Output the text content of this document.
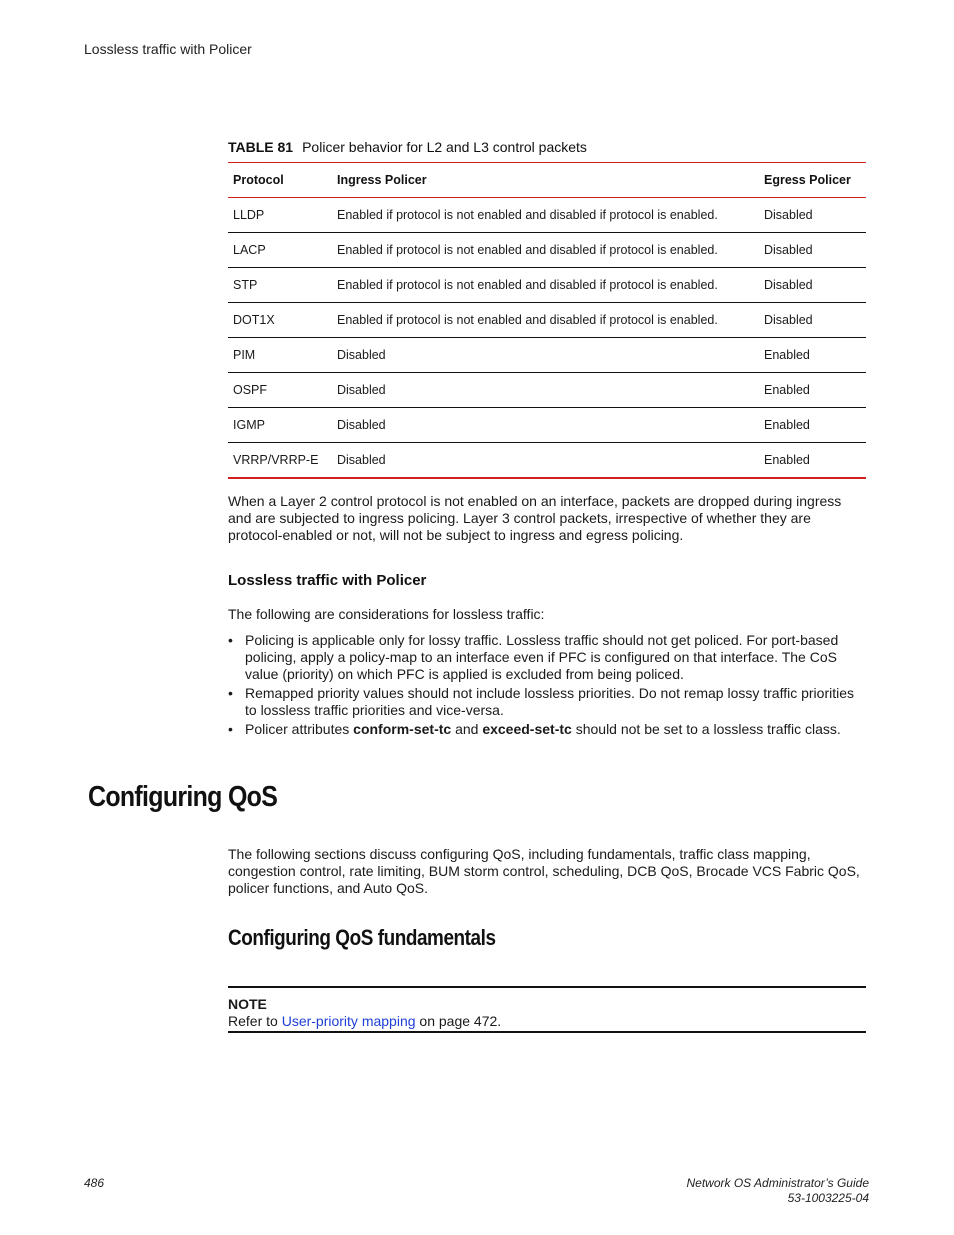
Lossless traffic with Policer
TABLE 81 Policer behavior for L2 and L3 control packets
Protocol	Ingress Policer	Egress Policer
LLDP	Enabled if protocol is not enabled and disabled if protocol is enabled.	Disabled
LACP	Enabled if protocol is not enabled and disabled if protocol is enabled.	Disabled
STP	Enabled if protocol is not enabled and disabled if protocol is enabled.	Disabled
DOT1X	Enabled if protocol is not enabled and disabled if protocol is enabled.	Disabled
PIM	Disabled	Enabled
OSPF	Disabled	Enabled
IGMP	Disabled	Enabled
VRRP/VRRP-E	Disabled	Enabled

When a Layer 2 control protocol is not enabled on an interface, packets are dropped during ingress and are subjected to ingress policing. Layer 3 control packets, irrespective of whether they are protocol-enabled or not, will not be subject to ingress and egress policing.

Lossless traffic with Policer

The following are considerations for lossless traffic:

• Policing is applicable only for lossy traffic. Lossless traffic should not get policed. For port-based policing, apply a policy-map to an interface even if PFC is configured on that interface. The CoS value (priority) on which PFC is applied is excluded from being policed.
• Remapped priority values should not include lossless priorities. Do not remap lossy traffic priorities to lossless traffic priorities and vice-versa.
• Policer attributes conform-set-tc and exceed-set-tc should not be set to a lossless traffic class.
Configuring QoS

The following sections discuss configuring QoS, including fundamentals, traffic class mapping, congestion control, rate limiting, BUM storm control, scheduling, DCB QoS, Brocade VCS Fabric QoS, policer functions, and Auto QoS.

Configuring QoS fundamentals
NOTE
Refer to User-priority mapping on page 472.
486	Network OS Administrator’s Guide
53-1003225-04
